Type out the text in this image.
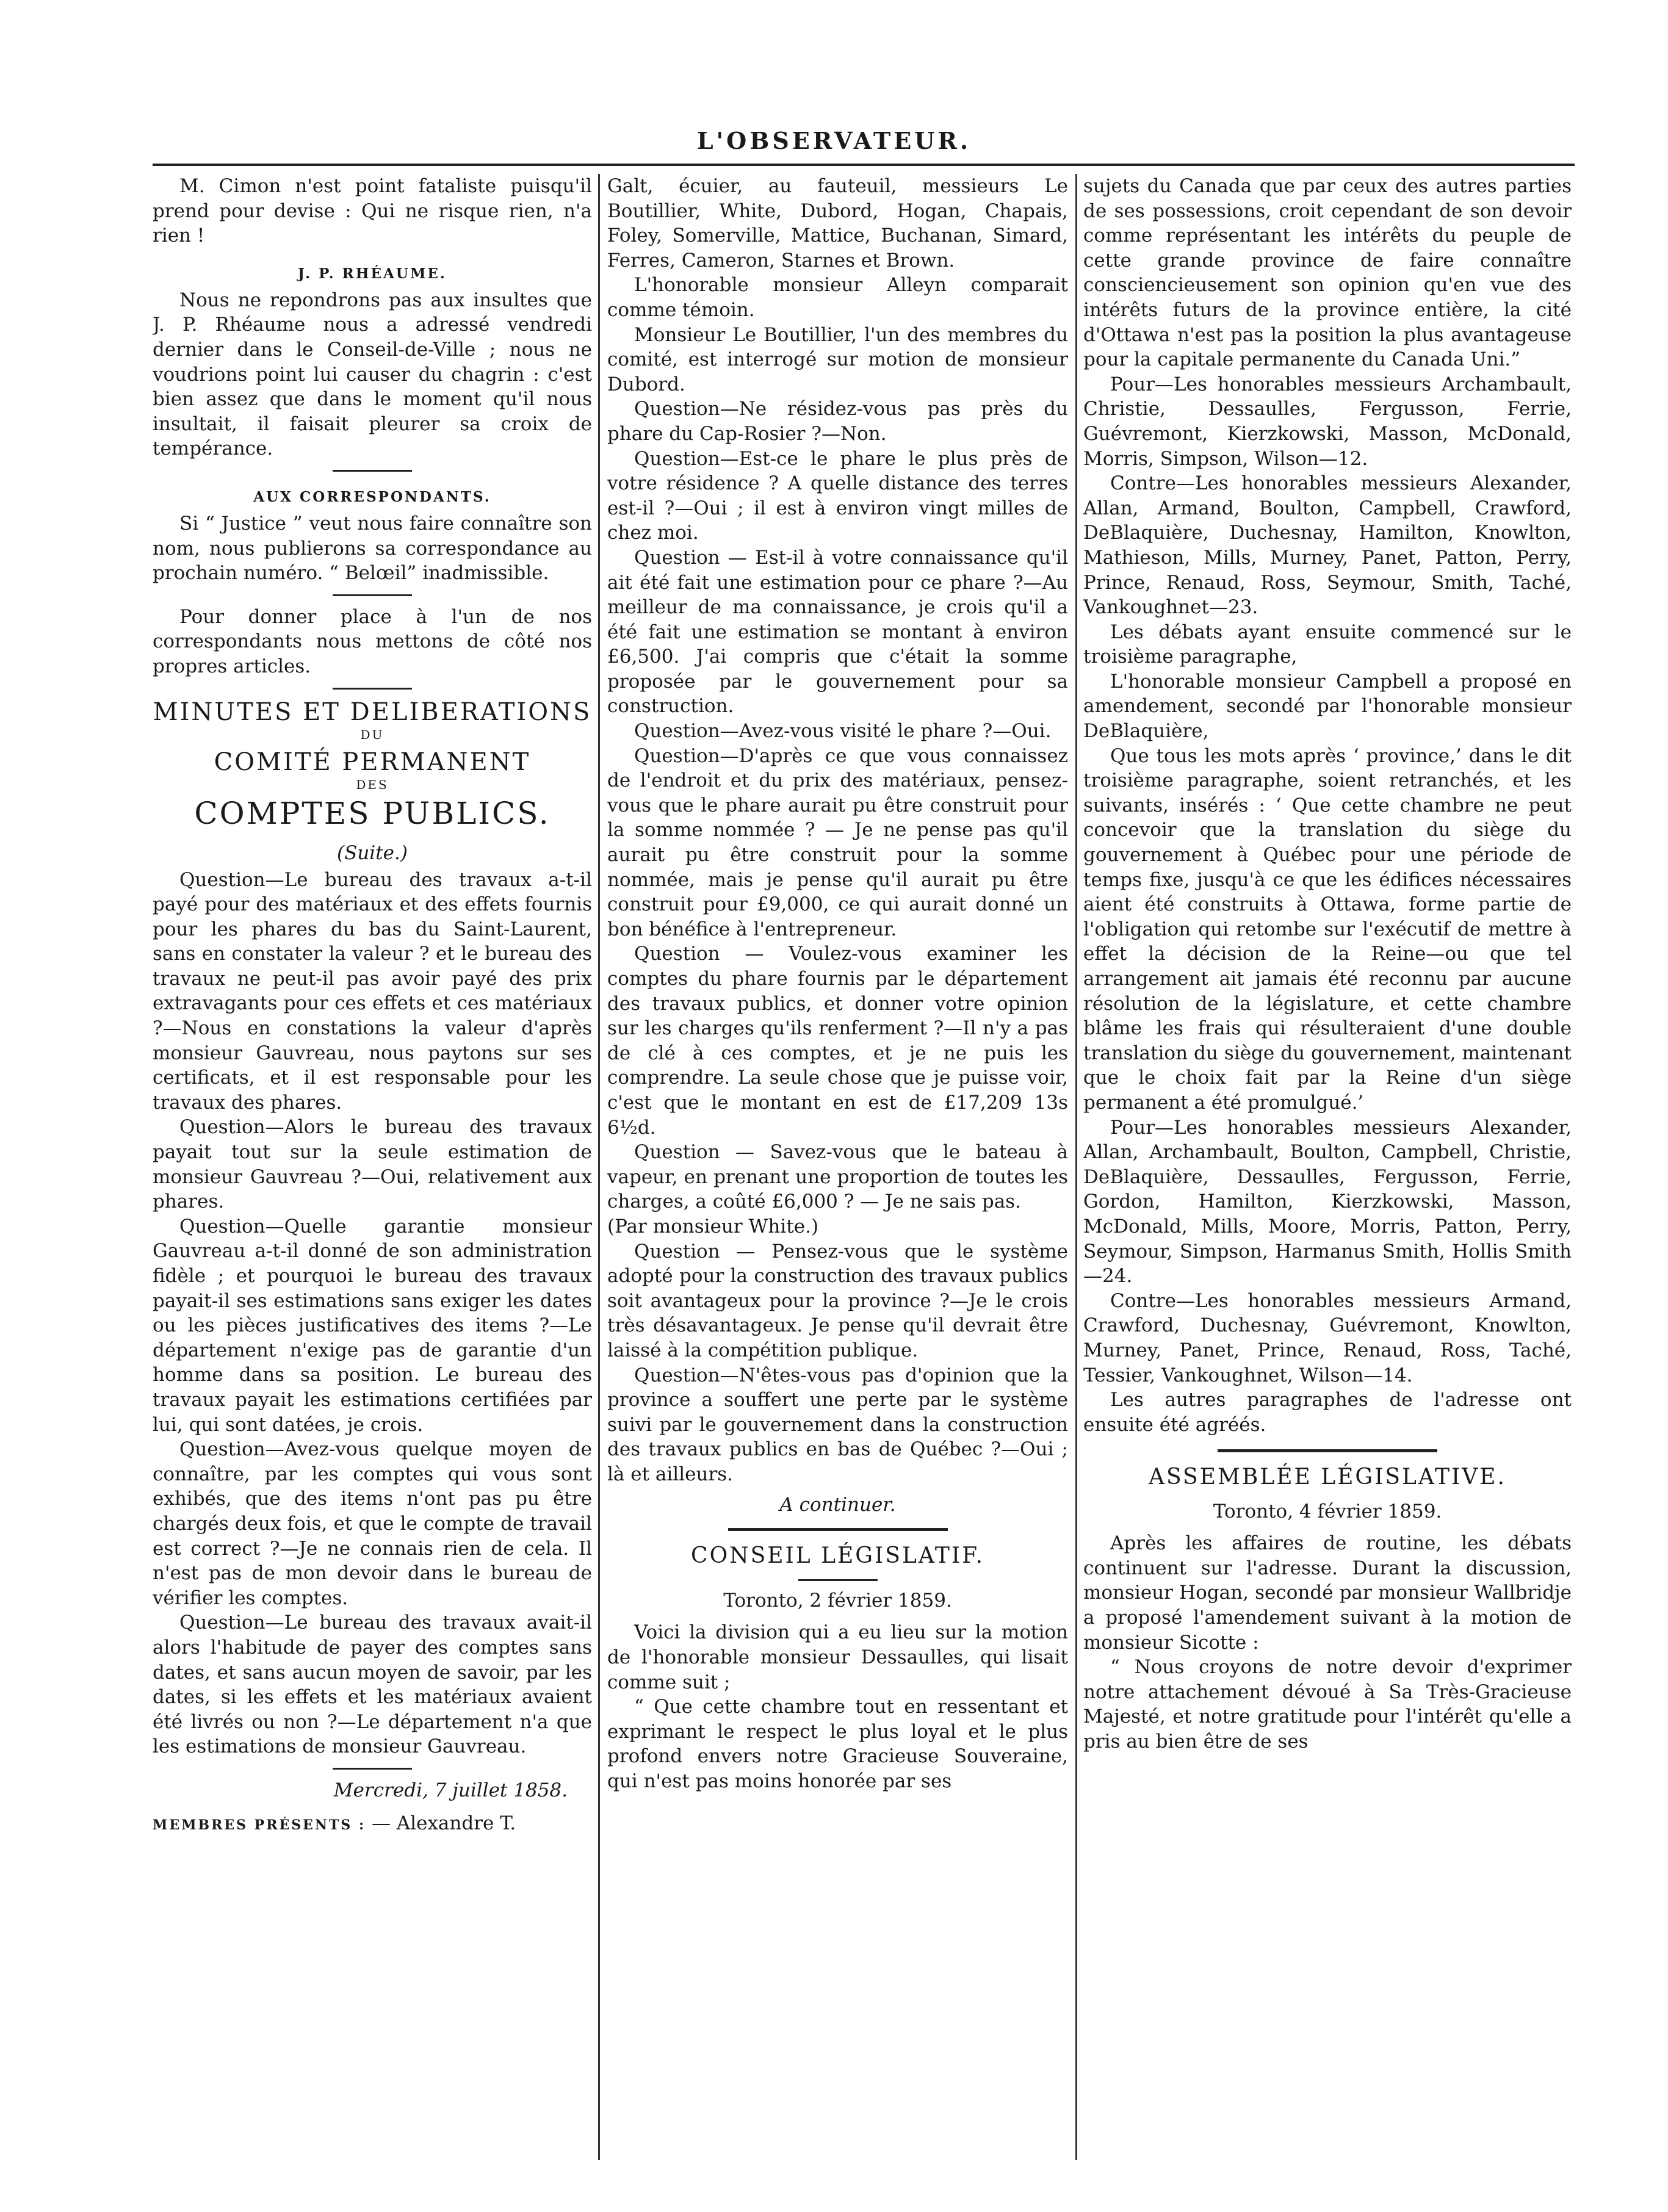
L'OBSERVATEUR.

M. Cimon n'est point fataliste puisqu'il prend pour devise : Qui ne risque rien, n'a rien !

J. P. RHÉAUME.

Nous ne repondrons pas aux insultes que J. P. Rhéaume nous a adressé vendredi dernier dans le Conseil-de-Ville ; nous ne voudrions point lui causer du chagrin : c'est bien assez que dans le moment qu'il nous insultait, il faisait pleurer sa croix de tempérance.

AUX CORRESPONDANTS.

Si “ Justice ” veut nous faire connaître son nom, nous publierons sa correspondance au prochain numéro. “ Belœil” inadmissible.

Pour donner place à l'un de nos correspondants nous mettons de côté nos propres articles.

MINUTES ET DELIBERATIONS
DU
COMITÉ PERMANENT
DES
COMPTES PUBLICS.
(Suite.)

Question—Le bureau des travaux a-t-il payé pour des matériaux et des effets fournis pour les phares du bas du Saint-Laurent, sans en constater la valeur ? et le bureau des travaux ne peut-il pas avoir payé des prix extravagants pour ces effets et ces matériaux ?—Nous en constations la valeur d'après monsieur Gauvreau, nous paytons sur ses certificats, et il est responsable pour les travaux des phares.

Question—Alors le bureau des travaux payait tout sur la seule estimation de monsieur Gauvreau ?—Oui, relativement aux phares.

Question—Quelle garantie monsieur Gauvreau a-t-il donné de son administration fidèle ; et pourquoi le bureau des travaux payait-il ses estimations sans exiger les dates ou les pièces justificatives des items ?—Le département n'exige pas de garantie d'un homme dans sa position. Le bureau des travaux payait les estimations certifiées par lui, qui sont datées, je crois.

Question—Avez-vous quelque moyen de connaître, par les comptes qui vous sont exhibés, que des items n'ont pas pu être chargés deux fois, et que le compte de travail est correct ?—Je ne connais rien de cela. Il n'est pas de mon devoir dans le bureau de vérifier les comptes.

Question—Le bureau des travaux avait-il alors l'habitude de payer des comptes sans dates, et sans aucun moyen de savoir, par les dates, si les effets et les matériaux avaient été livrés ou non ?—Le département n'a que les estimations de monsieur Gauvreau.

Mercredi, 7 juillet 1858.

MEMBRES PRÉSENTS : — Alexandre T.

Galt, écuier, au fauteuil, messieurs Le Boutillier, White, Dubord, Hogan, Chapais, Foley, Somerville, Mattice, Buchanan, Simard, Ferres, Cameron, Starnes et Brown.

L'honorable monsieur Alleyn comparait comme témoin.

Monsieur Le Boutillier, l'un des membres du comité, est interrogé sur motion de monsieur Dubord.

Question—Ne résidez-vous pas près du phare du Cap-Rosier ?—Non.

Question—Est-ce le phare le plus près de votre résidence ? A quelle distance des terres est-il ?—Oui ; il est à environ vingt milles de chez moi.

Question — Est-il à votre connaissance qu'il ait été fait une estimation pour ce phare ?—Au meilleur de ma connaissance, je crois qu'il a été fait une estimation se montant à environ £6,500. J'ai compris que c'était la somme proposée par le gouvernement pour sa construction.

Question—Avez-vous visité le phare ?—Oui.

Question—D'après ce que vous connaissez de l'endroit et du prix des matériaux, pensez-vous que le phare aurait pu être construit pour la somme nommée ? — Je ne pense pas qu'il aurait pu être construit pour la somme nommée, mais je pense qu'il aurait pu être construit pour £9,000, ce qui aurait donné un bon bénéfice à l'entrepreneur.

Question — Voulez-vous examiner les comptes du phare fournis par le département des travaux publics, et donner votre opinion sur les charges qu'ils renferment ?—Il n'y a pas de clé à ces comptes, et je ne puis les comprendre. La seule chose que je puisse voir, c'est que le montant en est de £17,209 13s 6½d.

Question — Savez-vous que le bateau à vapeur, en prenant une proportion de toutes les charges, a coûté £6,000 ? — Je ne sais pas.

(Par monsieur White.)

Question — Pensez-vous que le système adopté pour la construction des travaux publics soit avantageux pour la province ?—Je le crois très désavantageux. Je pense qu'il devrait être laissé à la compétition publique.

Question—N'êtes-vous pas d'opinion que la province a souffert une perte par le système suivi par le gouvernement dans la construction des travaux publics en bas de Québec ?—Oui ; là et ailleurs.

A continuer.
CONSEIL LÉGISLATIF.
Toronto, 2 février 1859.

Voici la division qui a eu lieu sur la motion de l'honorable monsieur Dessaulles, qui lisait comme suit ;

“ Que cette chambre tout en ressentant et exprimant le respect le plus loyal et le plus profond envers notre Gracieuse Souveraine, qui n'est pas moins honorée par ses

sujets du Canada que par ceux des autres parties de ses possessions, croit cependant de son devoir comme représentant les intérêts du peuple de cette grande province de faire connaître consciencieusement son opinion qu'en vue des intérêts futurs de la province entière, la cité d'Ottawa n'est pas la position la plus avantageuse pour la capitale permanente du Canada Uni.”

Pour—Les honorables messieurs Archambault, Christie, Dessaulles, Fergusson, Ferrie, Guévremont, Kierzkowski, Masson, McDonald, Morris, Simpson, Wilson—12.

Contre—Les honorables messieurs Alexander, Allan, Armand, Boulton, Campbell, Crawford, DeBlaquière, Duchesnay, Hamilton, Knowlton, Mathieson, Mills, Murney, Panet, Patton, Perry, Prince, Renaud, Ross, Seymour, Smith, Taché, Vankoughnet—23.

Les débats ayant ensuite commencé sur le troisième paragraphe,

L'honorable monsieur Campbell a proposé en amendement, secondé par l'honorable monsieur DeBlaquière,

Que tous les mots après ‘ province,’ dans le dit troisième paragraphe, soient retranchés, et les suivants, insérés : ‘ Que cette chambre ne peut concevoir que la translation du siège du gouvernement à Québec pour une période de temps fixe, jusqu'à ce que les édifices nécessaires aient été construits à Ottawa, forme partie de l'obligation qui retombe sur l'exécutif de mettre à effet la décision de la Reine—ou que tel arrangement ait jamais été reconnu par aucune résolution de la législature, et cette chambre blâme les frais qui résulteraient d'une double translation du siège du gouvernement, maintenant que le choix fait par la Reine d'un siège permanent a été promulgué.’

Pour—Les honorables messieurs Alexander, Allan, Archambault, Boulton, Campbell, Christie, DeBlaquière, Dessaulles, Fergusson, Ferrie, Gordon, Hamilton, Kierzkowski, Masson, McDonald, Mills, Moore, Morris, Patton, Perry, Seymour, Simpson, Harmanus Smith, Hollis Smith—24.

Contre—Les honorables messieurs Armand, Crawford, Duchesnay, Guévremont, Knowlton, Murney, Panet, Prince, Renaud, Ross, Taché, Tessier, Vankoughnet, Wilson—14.

Les autres paragraphes de l'adresse ont ensuite été agréés.

ASSEMBLÉE LÉGISLATIVE.
Toronto, 4 février 1859.

Après les affaires de routine, les débats continuent sur l'adresse. Durant la discussion, monsieur Hogan, secondé par monsieur Wallbridje a proposé l'amendement suivant à la motion de monsieur Sicotte :

“ Nous croyons de notre devoir d'exprimer notre attachement dévoué à Sa Très-Gracieuse Majesté, et notre gratitude pour l'intérêt qu'elle a pris au bien être de ses
